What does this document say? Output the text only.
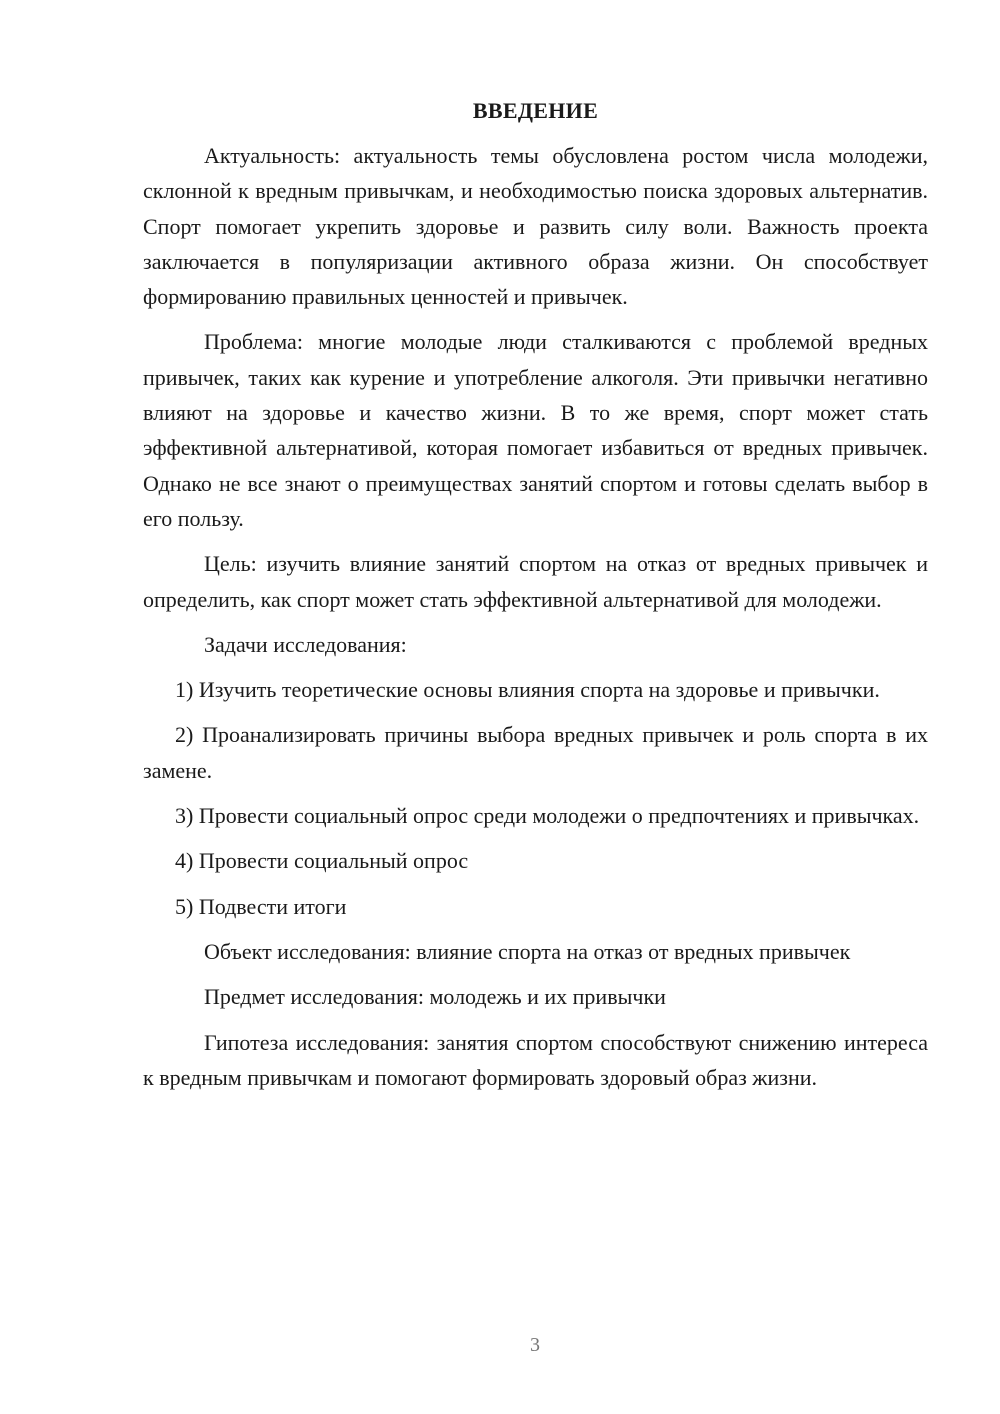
ВВЕДЕНИЕ

Актуальность: актуальность темы обусловлена ростом числа молодежи, склонной к вредным привычкам, и необходимостью поиска здоровых альтернатив. Спорт помогает укрепить здоровье и развить силу воли. Важность проекта заключается в популяризации активного образа жизни. Он способствует формированию правильных ценностей и привычек.

Проблема: многие молодые люди сталкиваются с проблемой вредных привычек, таких как курение и употребление алкоголя. Эти привычки негативно влияют на здоровье и качество жизни. В то же время, спорт может стать эффективной альтернативой, которая помогает избавиться от вредных привычек. Однако не все знают о преимуществах занятий спортом и готовы сделать выбор в его пользу.

Цель: изучить влияние занятий спортом на отказ от вредных привычек и определить, как спорт может стать эффективной альтернативой для молодежи.

Задачи исследования:

1) Изучить теоретические основы влияния спорта на здоровье и привычки.

2) Проанализировать причины выбора вредных привычек и роль спорта в их замене.

3) Провести социальный опрос среди молодежи о предпочтениях и привычках.

4) Провести социальный опрос

5) Подвести итоги

Объект исследования: влияние спорта на отказ от вредных привычек

Предмет исследования: молодежь и их привычки

Гипотеза исследования: занятия спортом способствуют снижению интереса к вредным привычкам и помогают формировать здоровый образ жизни.

3
